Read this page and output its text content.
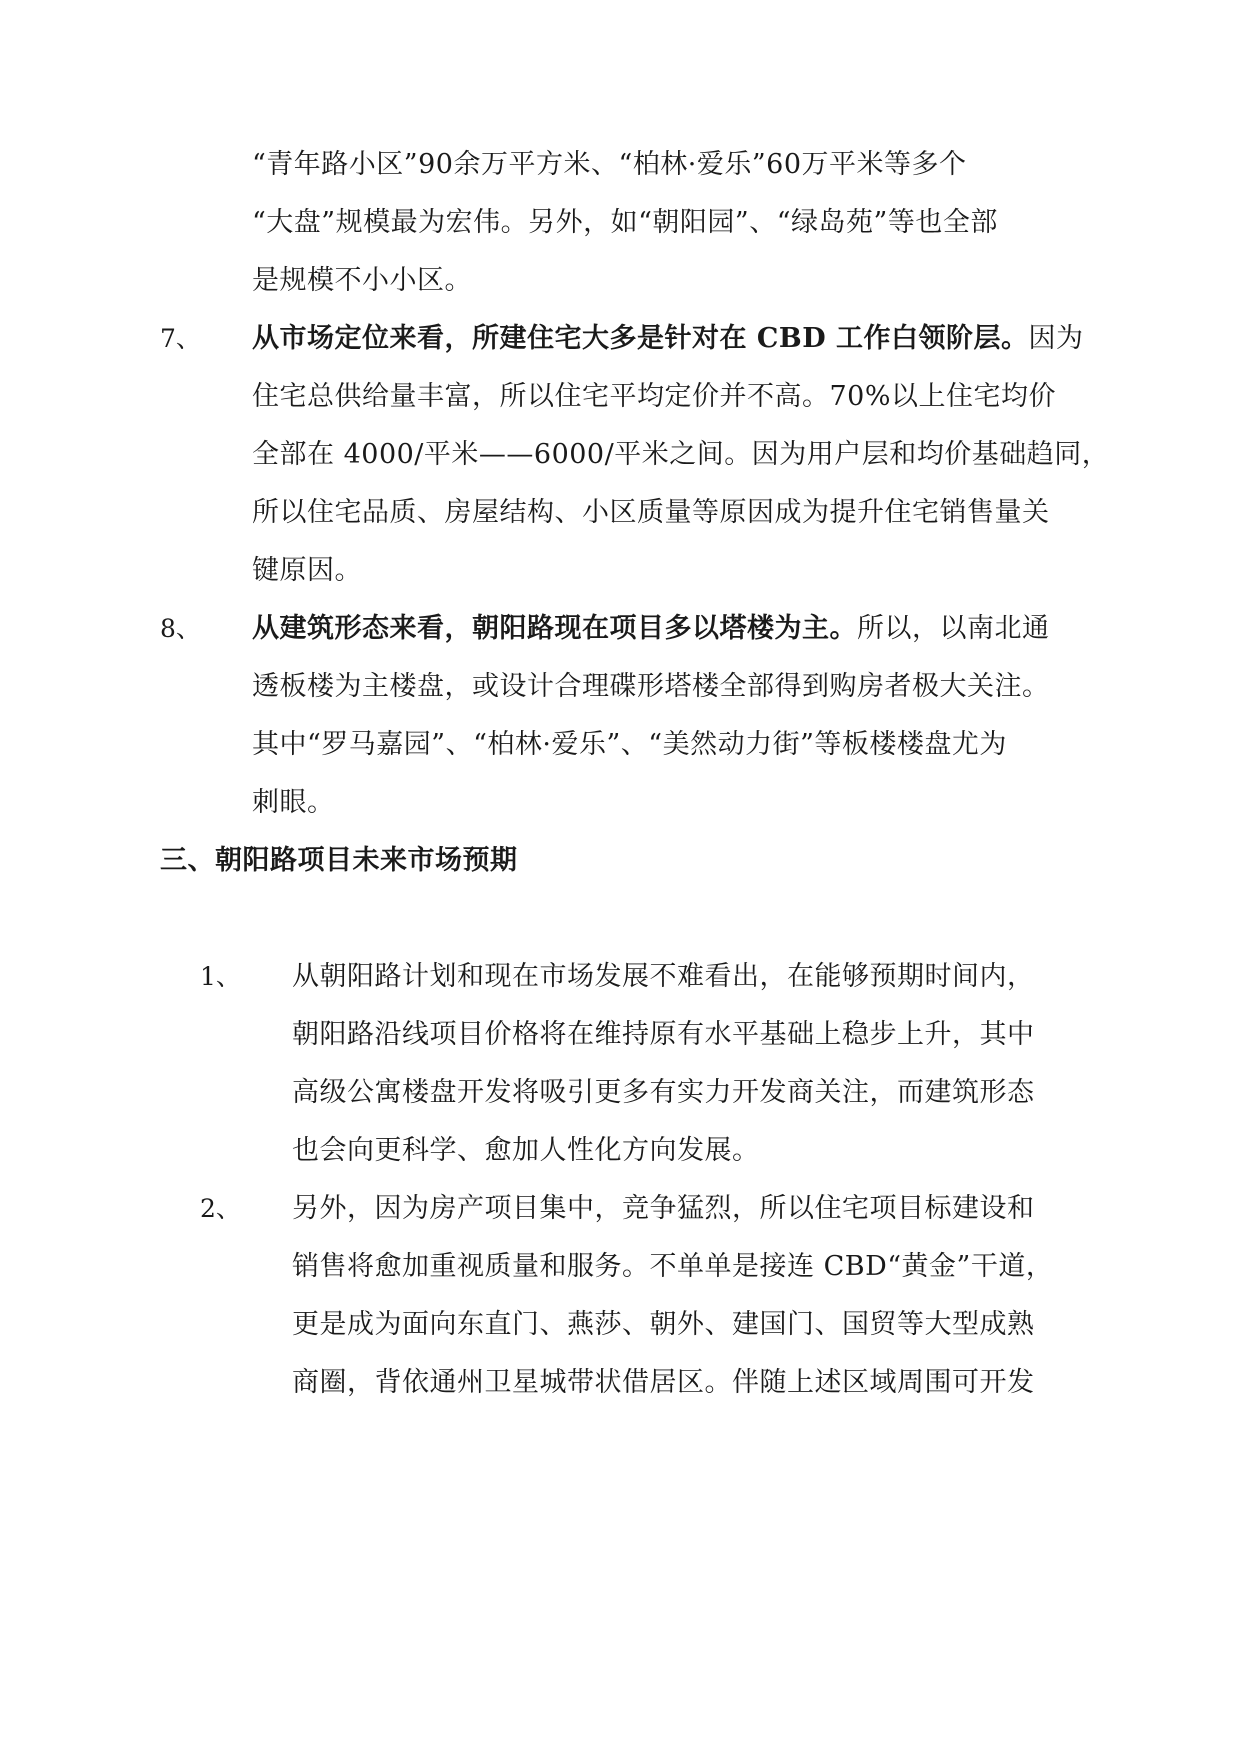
“青年路小区”90余万平方米、“柏林·爱乐”60万平米等多个
“大盘”规模最为宏伟。另外，如“朝阳园”、“绿岛苑”等也全部
是规模不小小区。
7、 从市场定位来看，所建住宅大多是针对在 CBD 工作白领阶层。因为
住宅总供给量丰富，所以住宅平均定价并不高。70%以上住宅均价
全部在 4000/平米——6000/平米之间。因为用户层和均价基础趋同，
所以住宅品质、房屋结构、小区质量等原因成为提升住宅销售量关
键原因。
8、 从建筑形态来看，朝阳路现在项目多以塔楼为主。所以，以南北通
透板楼为主楼盘，或设计合理碟形塔楼全部得到购房者极大关注。
其中“罗马嘉园”、“柏林·爱乐”、“美然动力街”等板楼楼盘尤为
刺眼。
三、朝阳路项目未来市场预期
1、 从朝阳路计划和现在市场发展不难看出，在能够预期时间内，
朝阳路沿线项目价格将在维持原有水平基础上稳步上升，其中
高级公寓楼盘开发将吸引更多有实力开发商关注，而建筑形态
也会向更科学、愈加人性化方向发展。
2、 另外，因为房产项目集中，竞争猛烈，所以住宅项目标建设和
销售将愈加重视质量和服务。不单单是接连 CBD“黄金”干道，
更是成为面向东直门、燕莎、朝外、建国门、国贸等大型成熟
商圈，背依通州卫星城带状借居区。伴随上述区域周围可开发
